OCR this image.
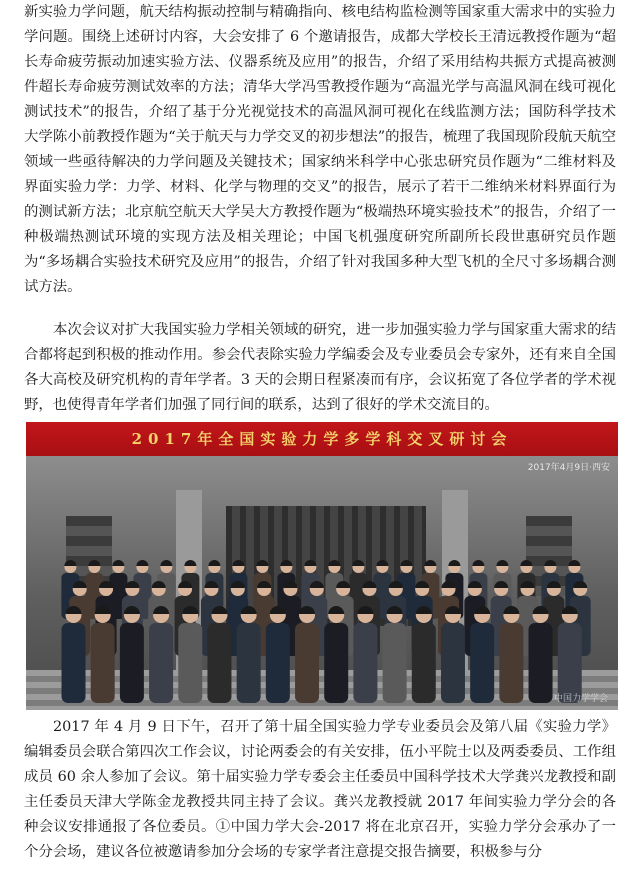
新实验力学问题，航天结构振动控制与精确指向、核电结构监检测等国家重大需求中的实验力学问题。围绕上述研讨内容，大会安排了 6 个邀请报告，成都大学校长王清远教授作题为“超长寿命疲劳振动加速实验方法、仪器系统及应用”的报告，介绍了采用结构共振方式提高被测件超长寿命疲劳测试效率的方法；清华大学冯雪教授作题为“高温光学与高温风洞在线可视化测试技术”的报告，介绍了基于分光视觉技术的高温风洞可视化在线监测方法；国防科学技术大学陈小前教授作题为“关于航天与力学交叉的初步想法”的报告，梳理了我国现阶段航天航空领域一些亟待解决的力学问题及关键技术；国家纳米科学中心张忠研究员作题为“二维材料及界面实验力学：力学、材料、化学与物理的交叉”的报告，展示了若干二维纳米材料界面行为的测试新方法；北京航空航天大学吴大方教授作题为“极端热环境实验技术”的报告，介绍了一种极端热测试环境的实现方法及相关理论；中国飞机强度研究所副所长段世惠研究员作题为“多场耦合实验技术研究及应用”的报告，介绍了针对我国多种大型飞机的全尺寸多场耦合测试方法。

本次会议对扩大我国实验力学相关领域的研究，进一步加强实验力学与国家重大需求的结合都将起到积极的推动作用。参会代表除实验力学编委会及专业委员会专家外，还有来自全国各大高校及研究机构的青年学者。3 天的会期日程紧凑而有序，会议拓宽了各位学者的学术视野，也使得青年学者们加强了同行间的联系，达到了很好的学术交流目的。

2017年全国实验力学多学科交叉研讨会
2017年4月9日·西安
中国力学学会

2017 年 4 月 9 日下午，召开了第十届全国实验力学专业委员会及第八届《实验力学》编辑委员会联合第四次工作会议，讨论两委会的有关安排，伍小平院士以及两委委员、工作组成员 60 余人参加了会议。第十届实验力学专委会主任委员中国科学技术大学龚兴龙教授和副主任委员天津大学陈金龙教授共同主持了会议。龚兴龙教授就 2017 年间实验力学分会的各种会议安排通报了各位委员。①中国力学大会-2017 将在北京召开，实验力学分会承办了一个分会场，建议各位被邀请参加分会场的专家学者注意提交报告摘要，积极参与分
